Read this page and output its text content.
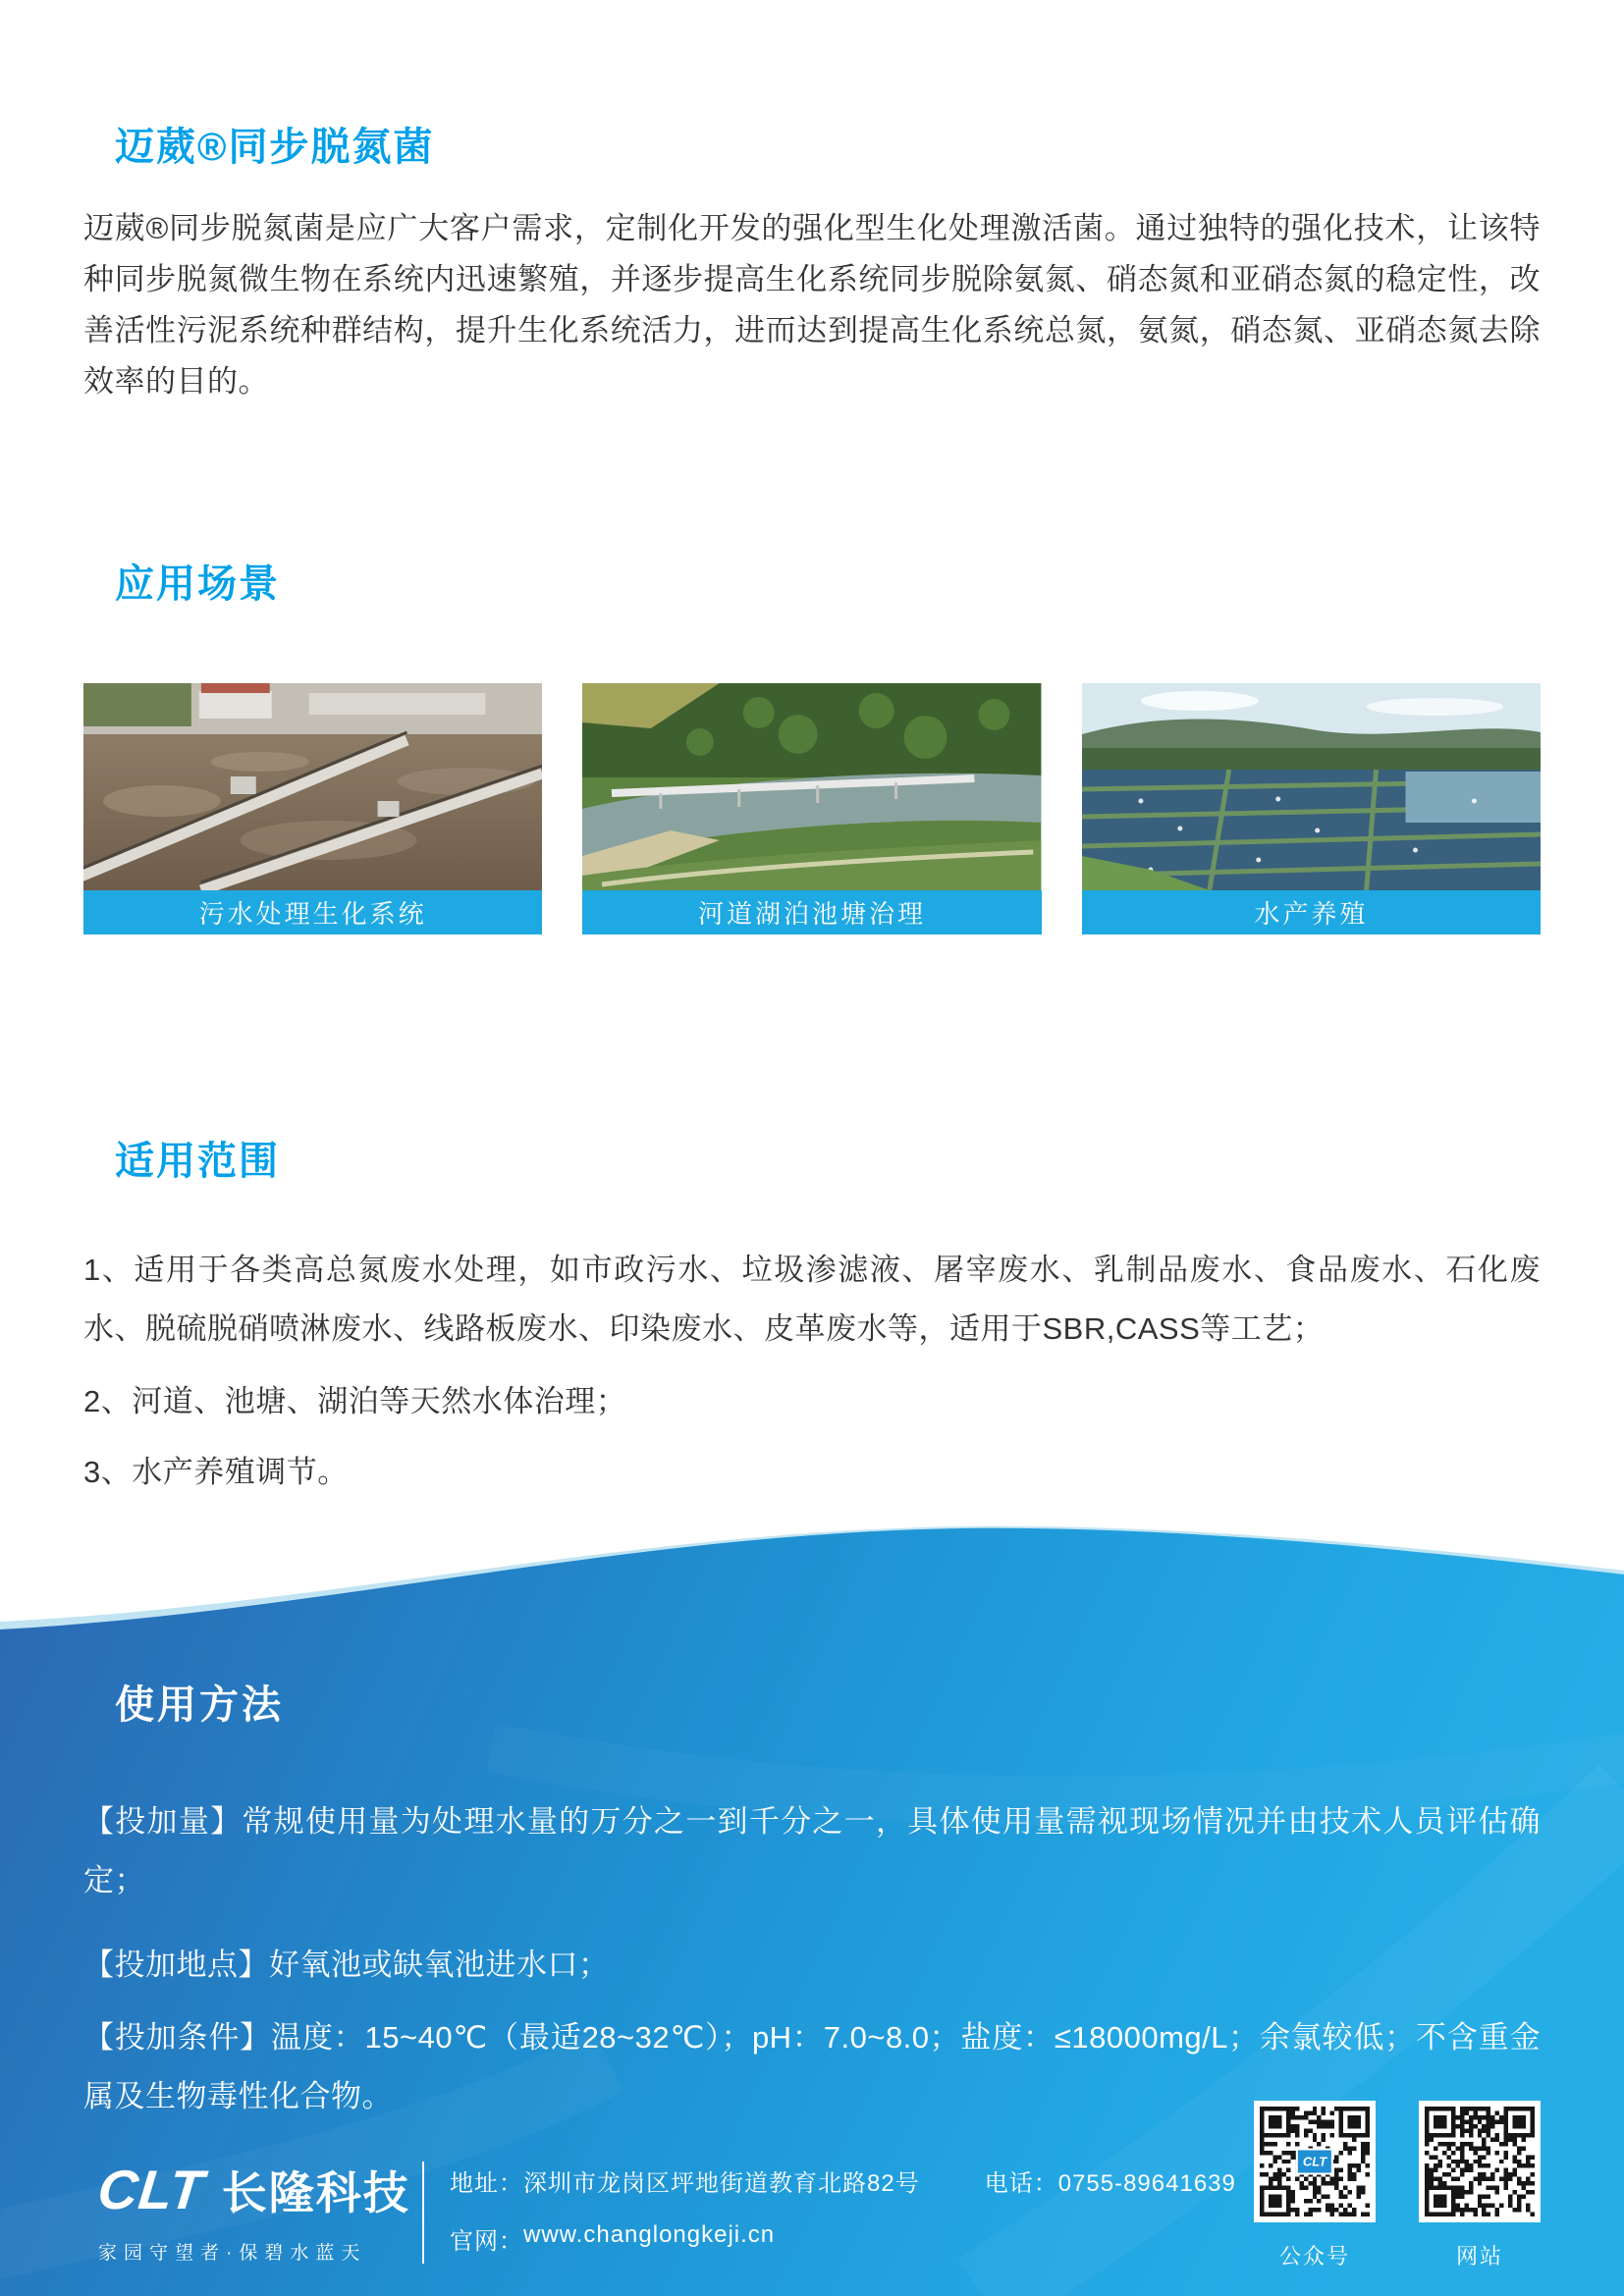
迈葳®同步脱氮菌

迈葳®同步脱氮菌是应广大客户需求，定制化开发的强化型生化处理激活菌。通过独特的强化技术，让该特种同步脱氮微生物在系统内迅速繁殖，并逐步提高生化系统同步脱除氨氮、硝态氮和亚硝态氮的稳定性，改善活性污泥系统种群结构，提升生化系统活力，进而达到提高生化系统总氮，氨氮，硝态氮、亚硝态氮去除效率的目的。

应用场景
污水处理生化系统	河道湖泊池塘治理	水产养殖
适用范围

1、适用于各类高总氮废水处理，如市政污水、垃圾渗滤液、屠宰废水、乳制品废水、食品废水、石化废水、脱硫脱硝喷淋废水、线路板废水、印染废水、皮革废水等，适用于SBR,CASS等工艺；

2、河道、池塘、湖泊等天然水体治理；

3、水产养殖调节。

使用方法

【投加量】常规使用量为处理水量的万分之一到千分之一，具体使用量需视现场情况并由技术人员评估确定；

【投加地点】好氧池或缺氧池进水口；

【投加条件】温度：15~40℃（最适28~32℃）；pH：7.0~8.0；盐度：≤18000mg/L；余氯较低；不含重金属及生物毒性化合物。

CLT 长隆科技
家园守望者·保碧水蓝天
地址： 深圳市龙岗区坪地街道教育北路82号	电话：0755-89641639
官网： www.changlongkeji.cn
CLT
公众号	网站
